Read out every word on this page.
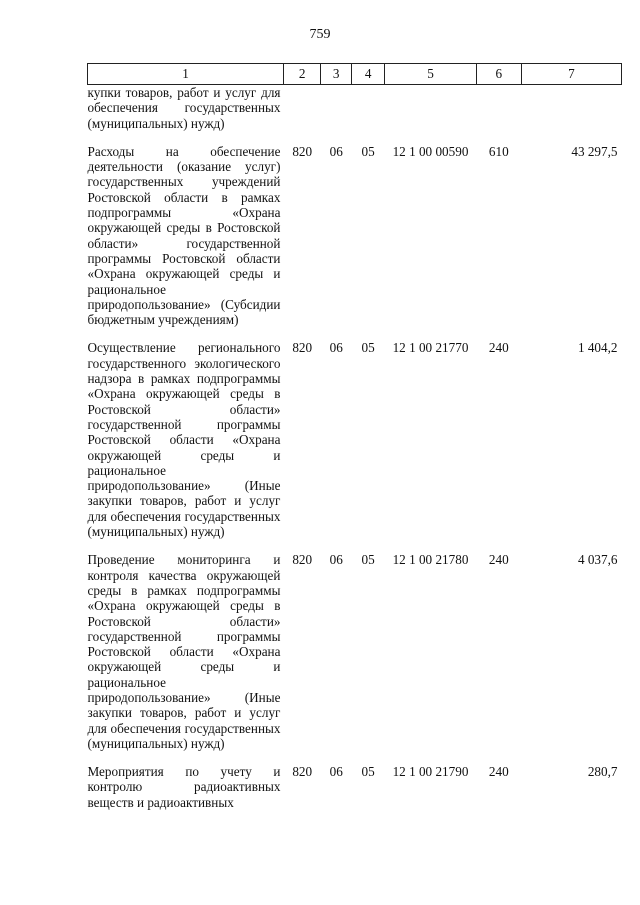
759
1	2	3	4	5	6	7
купки товаров, работ и услуг для обеспечения государственных (муниципальных) нужд)						
Расходы на обеспечение деятельности (оказание услуг) государственных учреждений Ростовской области в рамках подпрограммы «Охрана окружающей среды в Ростовской области» государственной программы Ростовской области «Охрана окружающей среды и рациональное природопользование» (Субсидии бюджетным учреждениям)	820	06	05	12 1 00 00590	610	43 297,5
Осуществление регионального государственного экологического надзора в рамках подпрограммы «Охрана окружающей среды в Ростовской области» государственной программы Ростовской области «Охрана окружающей среды и рациональное природопользование» (Иные закупки товаров, работ и услуг для обеспечения государственных (муниципальных) нужд)	820	06	05	12 1 00 21770	240	1 404,2
Проведение мониторинга и контроля качества окружающей среды в рамках подпрограммы «Охрана окружающей среды в Ростовской области» государственной программы Ростовской области «Охрана окружающей среды и рациональное природопользование» (Иные закупки товаров, работ и услуг для обеспечения государственных (муниципальных) нужд)	820	06	05	12 1 00 21780	240	4 037,6
Мероприятия по учету и контролю радиоактивных веществ и радиоактивных	820	06	05	12 1 00 21790	240	280,7
